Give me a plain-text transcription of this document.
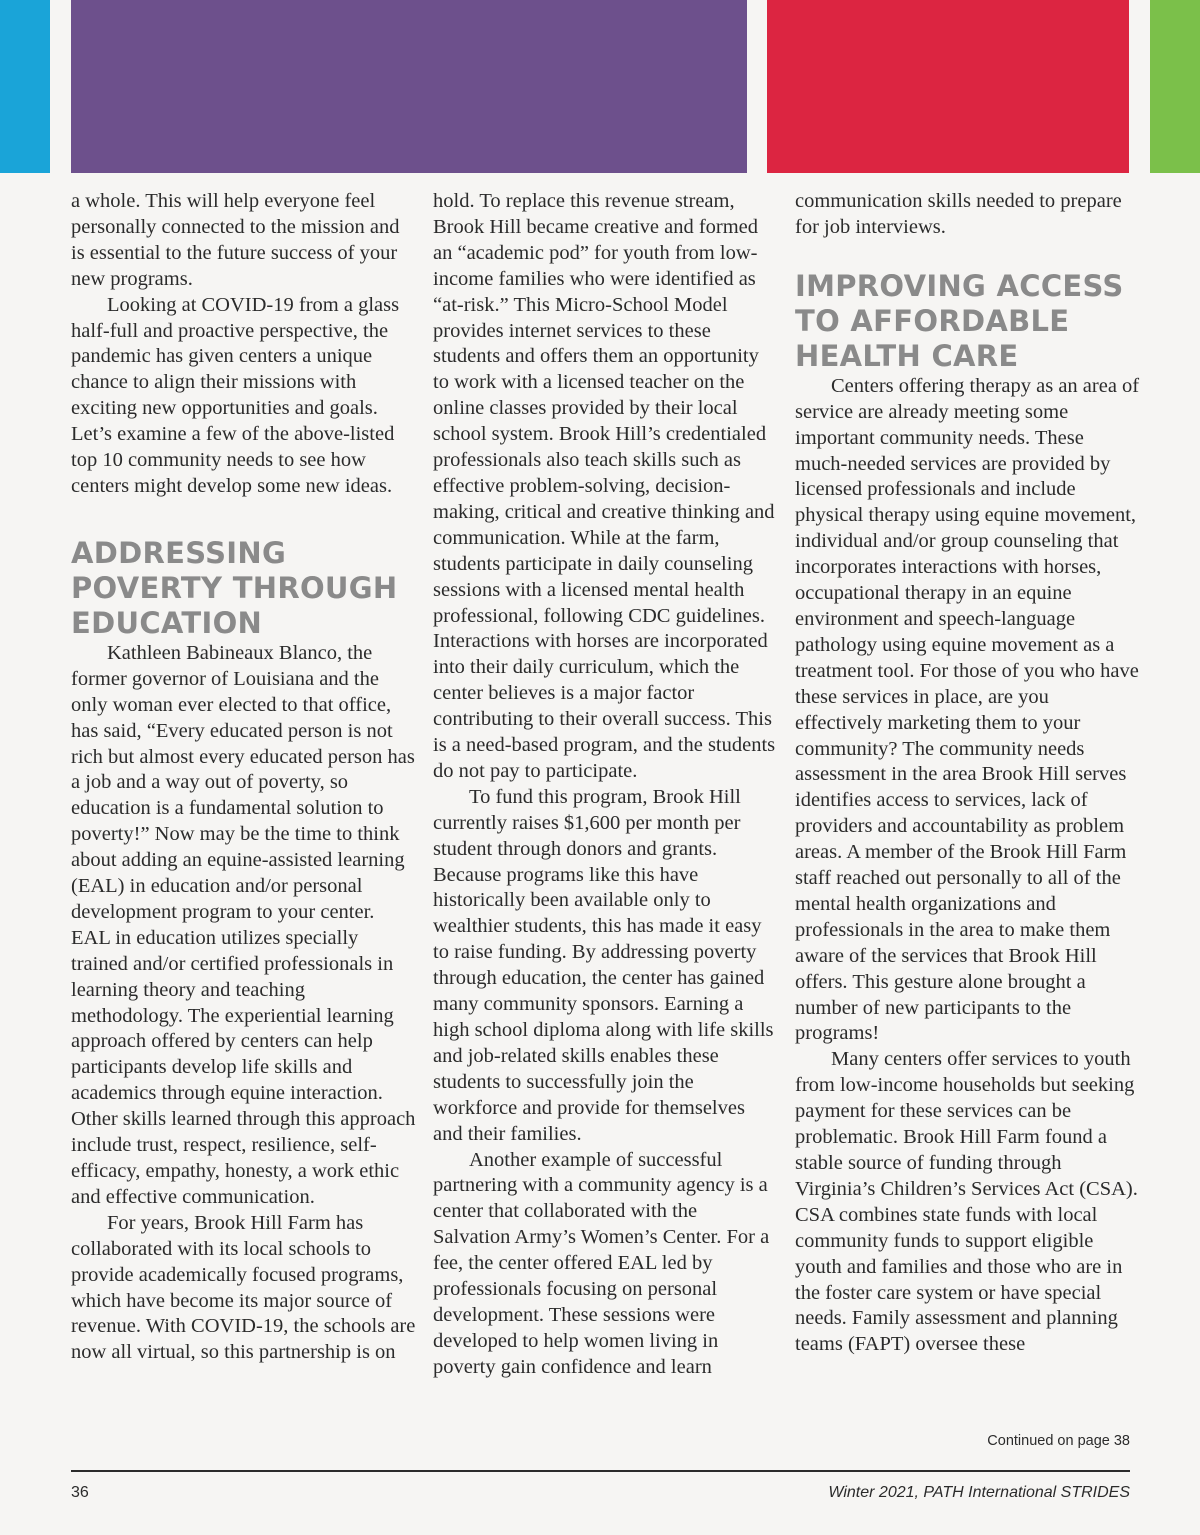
a whole. This will help everyone feel personally connected to the mission and is essential to the future success of your new programs.

Looking at COVID-19 from a glass half-full and proactive perspective, the pandemic has given centers a unique chance to align their missions with exciting new opportunities and goals. Let’s examine a few of the above-listed top 10 community needs to see how centers might develop some new ideas.

ADDRESSING POVERTY THROUGH EDUCATION

Kathleen Babineaux Blanco, the former governor of Louisiana and the only woman ever elected to that office, has said, “Every educated person is not rich but almost every educated person has a job and a way out of poverty, so education is a fundamental solution to poverty!” Now may be the time to think about adding an equine-assisted learning (EAL) in education and/or personal development program to your center. EAL in education utilizes specially trained and/or certified professionals in learning theory and teaching methodology. The experiential learning approach offered by centers can help participants develop life skills and academics through equine interaction. Other skills learned through this approach include trust, respect, resilience, self-efficacy, empathy, honesty, a work ethic and effective communication.

For years, Brook Hill Farm has collaborated with its local schools to provide academically focused programs, which have become its major source of revenue. With COVID-19, the schools are now all virtual, so this partnership is on

hold. To replace this revenue stream, Brook Hill became creative and formed an “academic pod” for youth from low-income families who were identified as “at-risk.” This Micro-School Model provides internet services to these students and offers them an opportunity to work with a licensed teacher on the online classes provided by their local school system. Brook Hill’s credentialed professionals also teach skills such as effective problem-solving, decision-making, critical and creative thinking and communication. While at the farm, students participate in daily counseling sessions with a licensed mental health professional, following CDC guidelines. Interactions with horses are incorporated into their daily curriculum, which the center believes is a major factor contributing to their overall success. This is a need-based program, and the students do not pay to participate.

To fund this program, Brook Hill currently raises $1,600 per month per student through donors and grants. Because programs like this have historically been available only to wealthier students, this has made it easy to raise funding. By addressing poverty through education, the center has gained many community sponsors. Earning a high school diploma along with life skills and job-related skills enables these students to successfully join the workforce and provide for themselves and their families.

Another example of successful partnering with a community agency is a center that collaborated with the Salvation Army’s Women’s Center. For a fee, the center offered EAL led by professionals focusing on personal development. These sessions were developed to help women living in poverty gain confidence and learn

communication skills needed to prepare for job interviews.

IMPROVING ACCESS TO AFFORDABLE HEALTH CARE

Centers offering therapy as an area of service are already meeting some important community needs. These much-needed services are provided by licensed professionals and include physical therapy using equine movement, individual and/or group counseling that incorporates interactions with horses, occupational therapy in an equine environment and speech-language pathology using equine movement as a treatment tool. For those of you who have these services in place, are you effectively marketing them to your community? The community needs assessment in the area Brook Hill serves identifies access to services, lack of providers and accountability as problem areas. A member of the Brook Hill Farm staff reached out personally to all of the mental health organizations and professionals in the area to make them aware of the services that Brook Hill offers. This gesture alone brought a number of new participants to the programs!

Many centers offer services to youth from low-income households but seeking payment for these services can be problematic. Brook Hill Farm found a stable source of funding through Virginia’s Children’s Services Act (CSA). CSA combines state funds with local community funds to support eligible youth and families and those who are in the foster care system or have special needs. Family assessment and planning teams (FAPT) oversee these

Continued on page 38
36	Winter 2021, PATH International STRIDES
